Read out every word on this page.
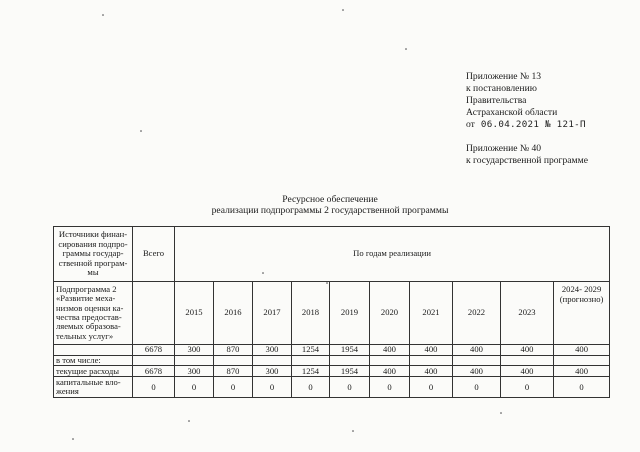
Приложение № 13
к постановлению
Правительства
Астраханской области
от 06.04.2021 № 121-П
Приложение № 40
к государственной программе
Ресурсное обеспечение
реализации подпрограммы 2 государственной программы
Источники финан-сирования подпро-граммы государ-ственной програм-мы	Всего	По годам реализации									
Подпрограмма 2 «Развитие меха-низмов оценки ка-чества предостав-ляемых образова-тельных услуг»		2015	2016	2017	2018	2019	2020	2021	2022	2023	2024- 2029 (прогнозно)
	6678	300	870	300	1254	1954	400	400	400	400	400
в том числе:											
текущие расходы	6678	300	870	300	1254	1954	400	400	400	400	400
капитальные вло-жения	0	0	0	0	0	0	0	0	0	0	0
